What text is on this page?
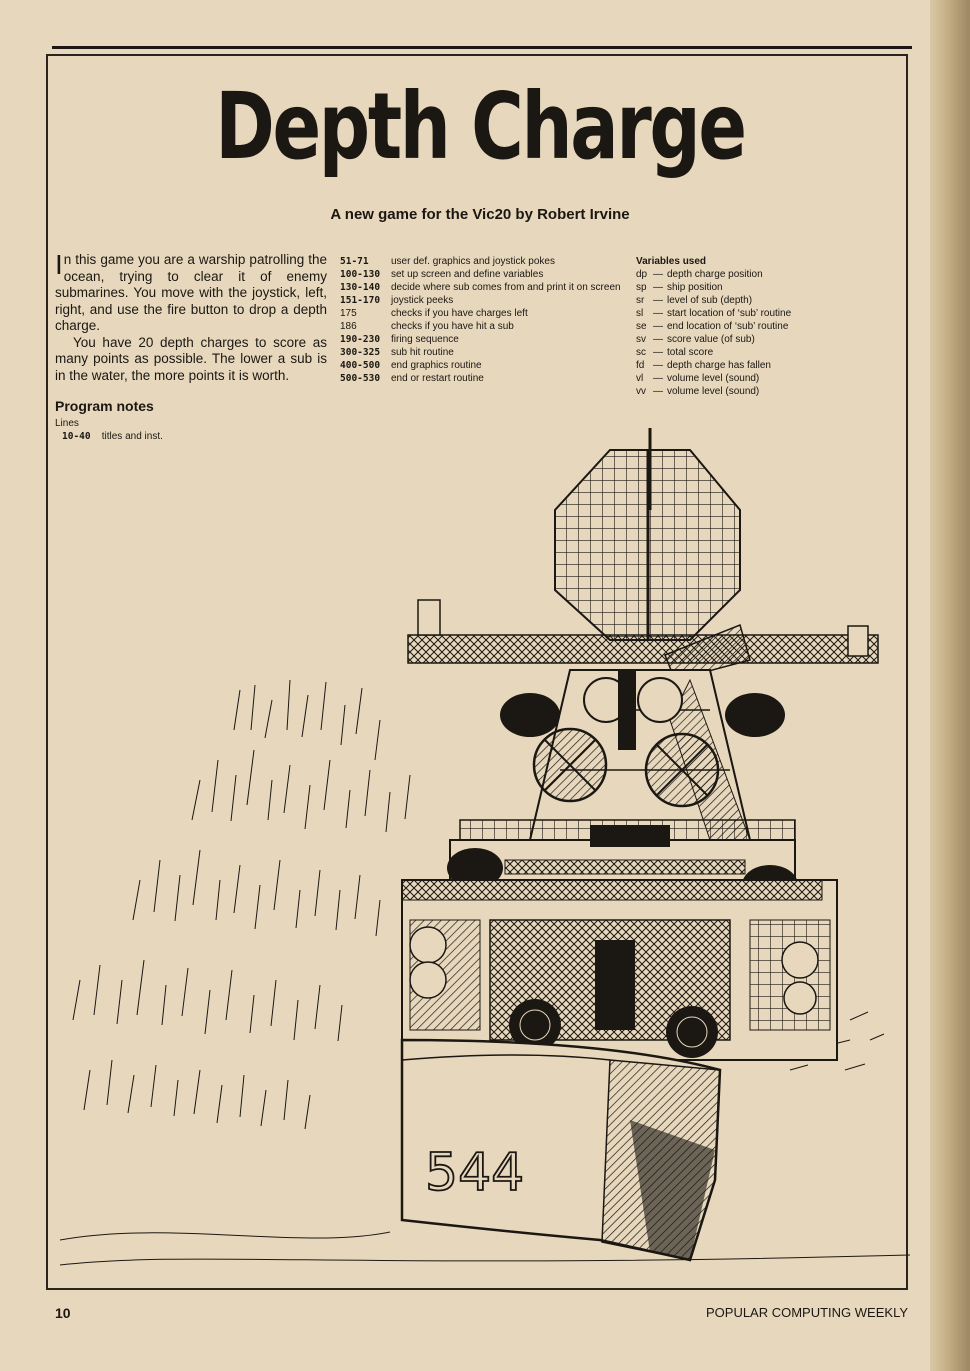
Depth Charge
A new game for the Vic20 by Robert Irvine

In this game you are a warship patrolling the ocean, trying to clear it of enemy submarines. You move with the joystick, left, right, and use the fire button to drop a depth charge.

You have 20 depth charges to score as many points as possible. The lower a sub is in the water, the more points it is worth.

Program notes
Lines
10-40 titles and inst.
51-71	user def. graphics and joystick pokes
100-130	set up screen and define variables
130-140	decide where sub comes from and print it on screen
151-170	joystick peeks
175	checks if you have charges left
186	checks if you have hit a sub
190-230	firing sequence
300-325	sub hit routine
400-500	end graphics routine
500-530	end or restart routine
Variables used
dp — depth charge position
sp — ship position
sr — level of sub (depth)
sl — start location of ‘sub’ routine
se — end location of ‘sub’ routine
sv — score value (of sub)
sc — total score
fd — depth charge has fallen
vl — volume level (sound)
vv — volume level (sound)
544
10	POPULAR COMPUTING WEEKLY
